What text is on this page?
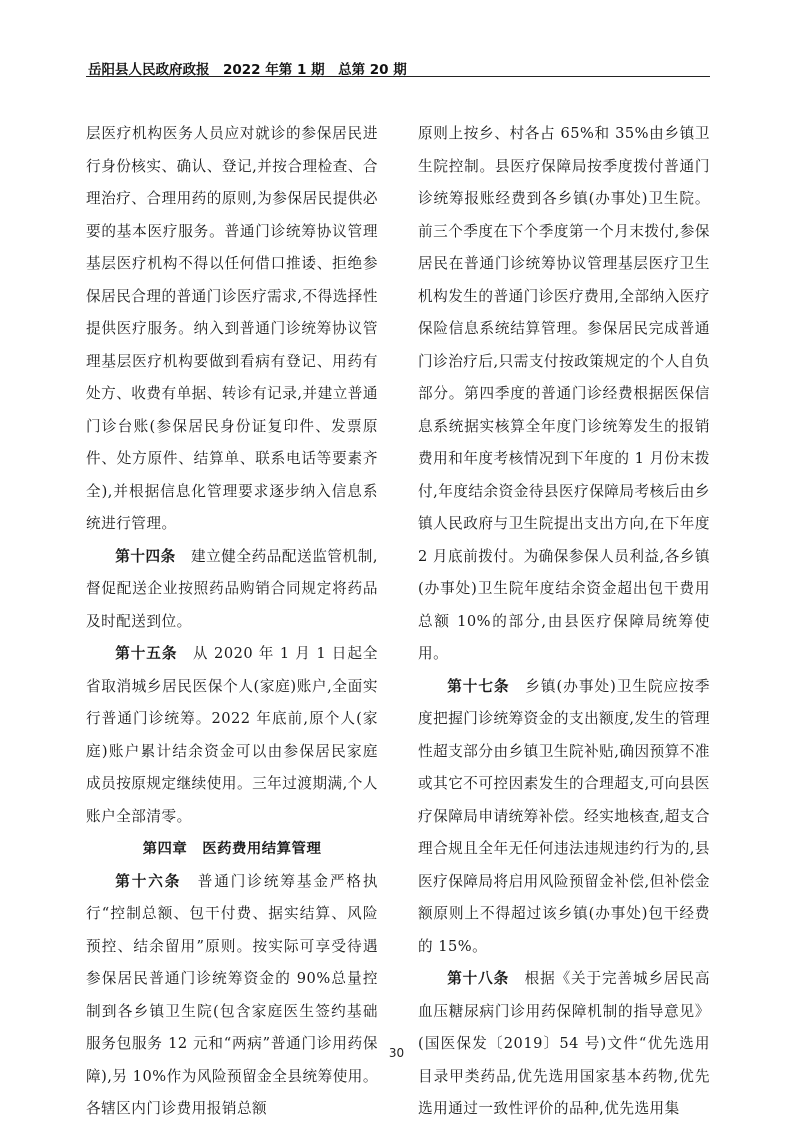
岳阳县人民政府政报　2022 年第 1 期　总第 20 期

层医疗机构医务人员应对就诊的参保居民进行身份核实、确认、登记,并按合理检查、合理治疗、合理用药的原则,为参保居民提供必要的基本医疗服务。普通门诊统筹协议管理基层医疗机构不得以任何借口推诿、拒绝参保居民合理的普通门诊医疗需求,不得选择性提供医疗服务。纳入到普通门诊统筹协议管理基层医疗机构要做到看病有登记、用药有处方、收费有单据、转诊有记录,并建立普通门诊台账(参保居民身份证复印件、发票原件、处方原件、结算单、联系电话等要素齐全),并根据信息化管理要求逐步纳入信息系统进行管理。

第十四条　建立健全药品配送监管机制,督促配送企业按照药品购销合同规定将药品及时配送到位。

第十五条　从 2020 年 1 月 1 日起全省取消城乡居民医保个人(家庭)账户,全面实行普通门诊统筹。2022 年底前,原个人(家庭)账户累计结余资金可以由参保居民家庭成员按原规定继续使用。三年过渡期满,个人账户全部清零。

第四章　医药费用结算管理

第十六条　普通门诊统筹基金严格执行“控制总额、包干付费、据实结算、风险预控、结余留用”原则。按实际可享受待遇参保居民普通门诊统筹资金的 90%总量控制到各乡镇卫生院(包含家庭医生签约基础服务包服务 12 元和“两病”普通门诊用药保障),另 10%作为风险预留金全县统筹使用。各辖区内门诊费用报销总额

原则上按乡、村各占 65%和 35%由乡镇卫生院控制。县医疗保障局按季度拨付普通门诊统筹报账经费到各乡镇(办事处)卫生院。前三个季度在下个季度第一个月末拨付,参保居民在普通门诊统筹协议管理基层医疗卫生机构发生的普通门诊医疗费用,全部纳入医疗保险信息系统结算管理。参保居民完成普通门诊治疗后,只需支付按政策规定的个人自负部分。第四季度的普通门诊经费根据医保信息系统据实核算全年度门诊统筹发生的报销费用和年度考核情况到下年度的 1 月份末拨付,年度结余资金待县医疗保障局考核后由乡镇人民政府与卫生院提出支出方向,在下年度 2 月底前拨付。为确保参保人员利益,各乡镇(办事处)卫生院年度结余资金超出包干费用总额 10%的部分,由县医疗保障局统筹使用。

第十七条　乡镇(办事处)卫生院应按季度把握门诊统筹资金的支出额度,发生的管理性超支部分由乡镇卫生院补贴,确因预算不准或其它不可控因素发生的合理超支,可向县医疗保障局申请统筹补偿。经实地核查,超支合理合规且全年无任何违法违规违约行为的,县医疗保障局将启用风险预留金补偿,但补偿金额原则上不得超过该乡镇(办事处)包干经费的 15%。

第十八条　根据《关于完善城乡居民高血压糖尿病门诊用药保障机制的指导意见》(国医保发〔2019〕54 号)文件“优先选用目录甲类药品,优先选用国家基本药物,优先选用通过一致性评价的品种,优先选用集

30
